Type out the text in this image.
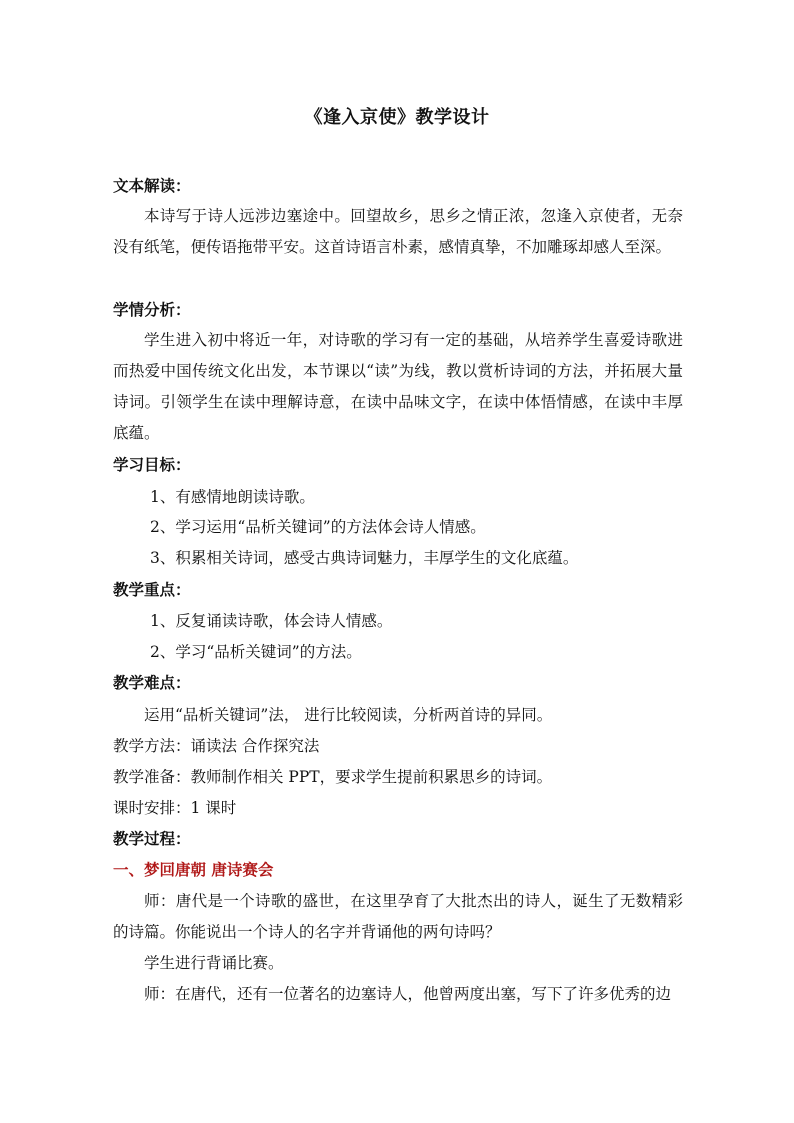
《逢入京使》教学设计
文本解读：
本诗写于诗人远涉边塞途中。回望故乡，思乡之情正浓，忽逢入京使者，无奈没有纸笔，便传语拖带平安。这首诗语言朴素，感情真挚，不加雕琢却感人至深。
学情分析：
学生进入初中将近一年，对诗歌的学习有一定的基础，从培养学生喜爱诗歌进而热爱中国传统文化出发，本节课以“读”为线，教以赏析诗词的方法，并拓展大量诗词。引领学生在读中理解诗意，在读中品味文字，在读中体悟情感，在读中丰厚底蕴。
学习目标：
1、有感情地朗读诗歌。
2、学习运用“品析关键词”的方法体会诗人情感。
3、积累相关诗词，感受古典诗词魅力，丰厚学生的文化底蕴。
教学重点：
1、反复诵读诗歌，体会诗人情感。
2、学习“品析关键词”的方法。
教学难点：
运用“品析关键词”法， 进行比较阅读，分析两首诗的异同。
教学方法：诵读法 合作探究法
教学准备：教师制作相关 PPT，要求学生提前积累思乡的诗词。
课时安排：1 课时
教学过程：
一、梦回唐朝 唐诗赛会
师：唐代是一个诗歌的盛世，在这里孕育了大批杰出的诗人，诞生了无数精彩的诗篇。你能说出一个诗人的名字并背诵他的两句诗吗？
学生进行背诵比赛。
师：在唐代，还有一位著名的边塞诗人，他曾两度出塞，写下了许多优秀的边
